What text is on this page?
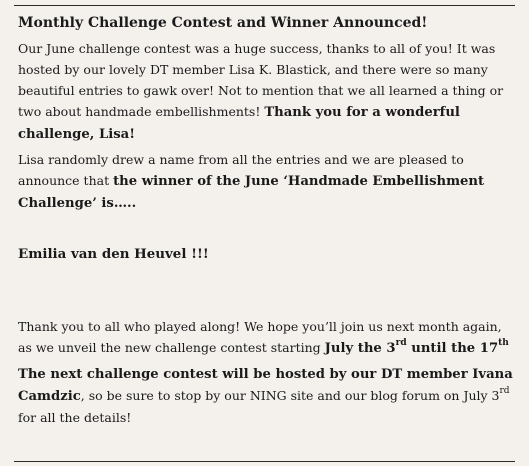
Monthly Challenge Contest and Winner Announced!

Our June challenge contest was a huge success, thanks to all of you! It was hosted by our lovely DT member Lisa K. Blastick, and there were so many beautiful entries to gawk over! Not to mention that we all learned a thing or two about handmade embellishments! Thank you for a wonderful challenge, Lisa!

Lisa randomly drew a name from all the entries and we are pleased to announce that the winner of the June ‘Handmade Embellishment Challenge’ is…..

Emilia van den Heuvel !!!

Thank you to all who played along! We hope you’ll join us next month again, as we unveil the new challenge contest starting July the 3rd until the 17th

The next challenge contest will be hosted by our DT member Ivana Camdzic, so be sure to stop by our NING site and our blog forum on July 3rd for all the details!
